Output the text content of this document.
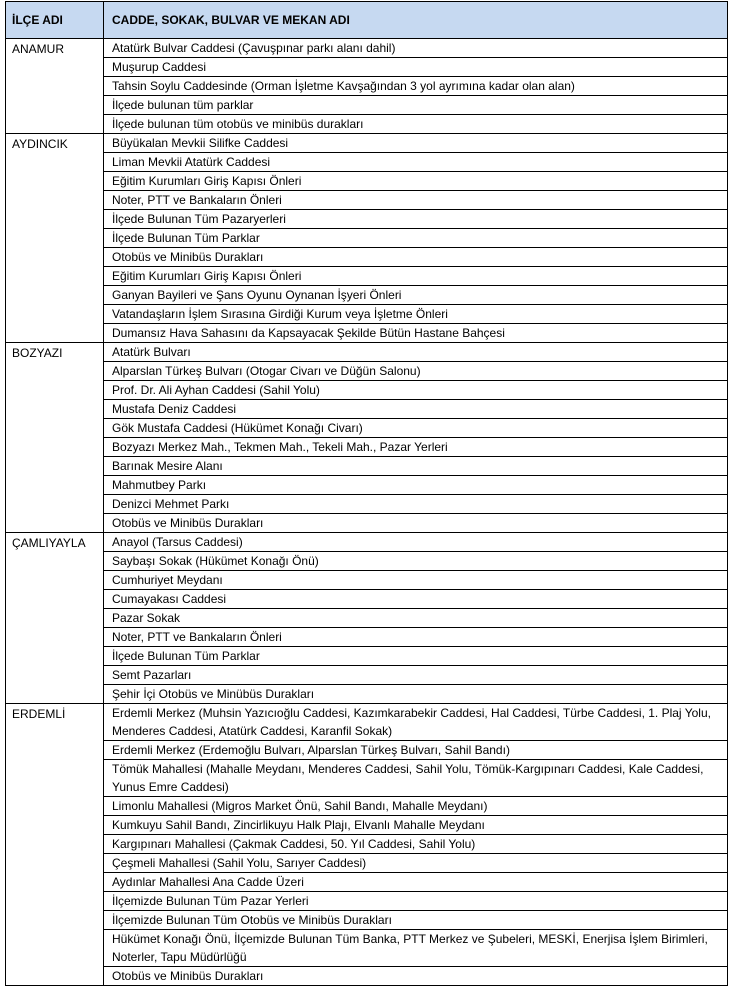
İLÇE ADI	CADDE, SOKAK, BULVAR VE MEKAN ADI
ANAMUR	Atatürk Bulvar Caddesi (Çavuşpınar parkı alanı dahil)
	Muşurup Caddesi
	Tahsin Soylu Caddesinde (Orman İşletme Kavşağından 3 yol ayrımına kadar olan alan)
	İlçede bulunan tüm parklar
	İlçede bulunan tüm otobüs ve minibüs durakları
AYDINCIK	Büyükalan Mevkii Silifke Caddesi
	Liman Mevkii Atatürk Caddesi
	Eğitim Kurumları Giriş Kapısı Önleri
	Noter, PTT ve Bankaların Önleri
	İlçede Bulunan Tüm Pazaryerleri
	İlçede Bulunan Tüm Parklar
	Otobüs ve Minibüs Durakları
	Eğitim Kurumları Giriş Kapısı Önleri
	Ganyan Bayileri ve Şans Oyunu Oynanan İşyeri Önleri
	Vatandaşların İşlem Sırasına Girdiği Kurum veya İşletme Önleri
	Dumansız Hava Sahasını da Kapsayacak Şekilde Bütün Hastane Bahçesi
BOZYAZI	Atatürk Bulvarı
	Alparslan Türkeş Bulvarı (Otogar Civarı ve Düğün Salonu)
	Prof. Dr. Ali Ayhan Caddesi (Sahil Yolu)
	Mustafa Deniz Caddesi
	Gök Mustafa Caddesi (Hükümet Konağı Civarı)
	Bozyazı Merkez Mah., Tekmen Mah., Tekeli Mah., Pazar Yerleri
	Barınak Mesire Alanı
	Mahmutbey Parkı
	Denizci Mehmet Parkı
	Otobüs ve Minibüs Durakları
ÇAMLIYAYLA	Anayol (Tarsus Caddesi)
	Saybaşı Sokak (Hükümet Konağı Önü)
	Cumhuriyet Meydanı
	Cumayakası Caddesi
	Pazar Sokak
	Noter, PTT ve Bankaların Önleri
	İlçede Bulunan Tüm Parklar
	Semt Pazarları
	Şehir İçi Otobüs ve Minübüs Durakları
ERDEMLİ	Erdemli Merkez (Muhsin Yazıcıoğlu Caddesi, Kazımkarabekir Caddesi, Hal Caddesi, Türbe Caddesi, 1. Plaj Yolu, Menderes Caddesi, Atatürk Caddesi, Karanfil Sokak)
	Erdemli Merkez (Erdemoğlu Bulvarı, Alparslan Türkeş Bulvarı, Sahil Bandı)
	Tömük Mahallesi (Mahalle Meydanı, Menderes Caddesi, Sahil Yolu, Tömük-Kargıpınarı Caddesi, Kale Caddesi, Yunus Emre Caddesi)
	Limonlu Mahallesi (Migros Market Önü, Sahil Bandı, Mahalle Meydanı)
	Kumkuyu Sahil Bandı, Zincirlikuyu Halk Plajı, Elvanlı Mahalle Meydanı
	Kargıpınarı Mahallesi (Çakmak Caddesi, 50. Yıl Caddesi, Sahil Yolu)
	Çeşmeli Mahallesi (Sahil Yolu, Sarıyer Caddesi)
	Aydınlar Mahallesi Ana Cadde Üzeri
	İlçemizde Bulunan Tüm Pazar Yerleri
	İlçemizde Bulunan Tüm Otobüs ve Minibüs Durakları
	Hükümet Konağı Önü, İlçemizde Bulunan Tüm Banka, PTT Merkez ve Şubeleri, MESKİ, Enerjisa İşlem Birimleri, Noterler, Tapu Müdürlüğü
	Otobüs ve Minibüs Durakları
